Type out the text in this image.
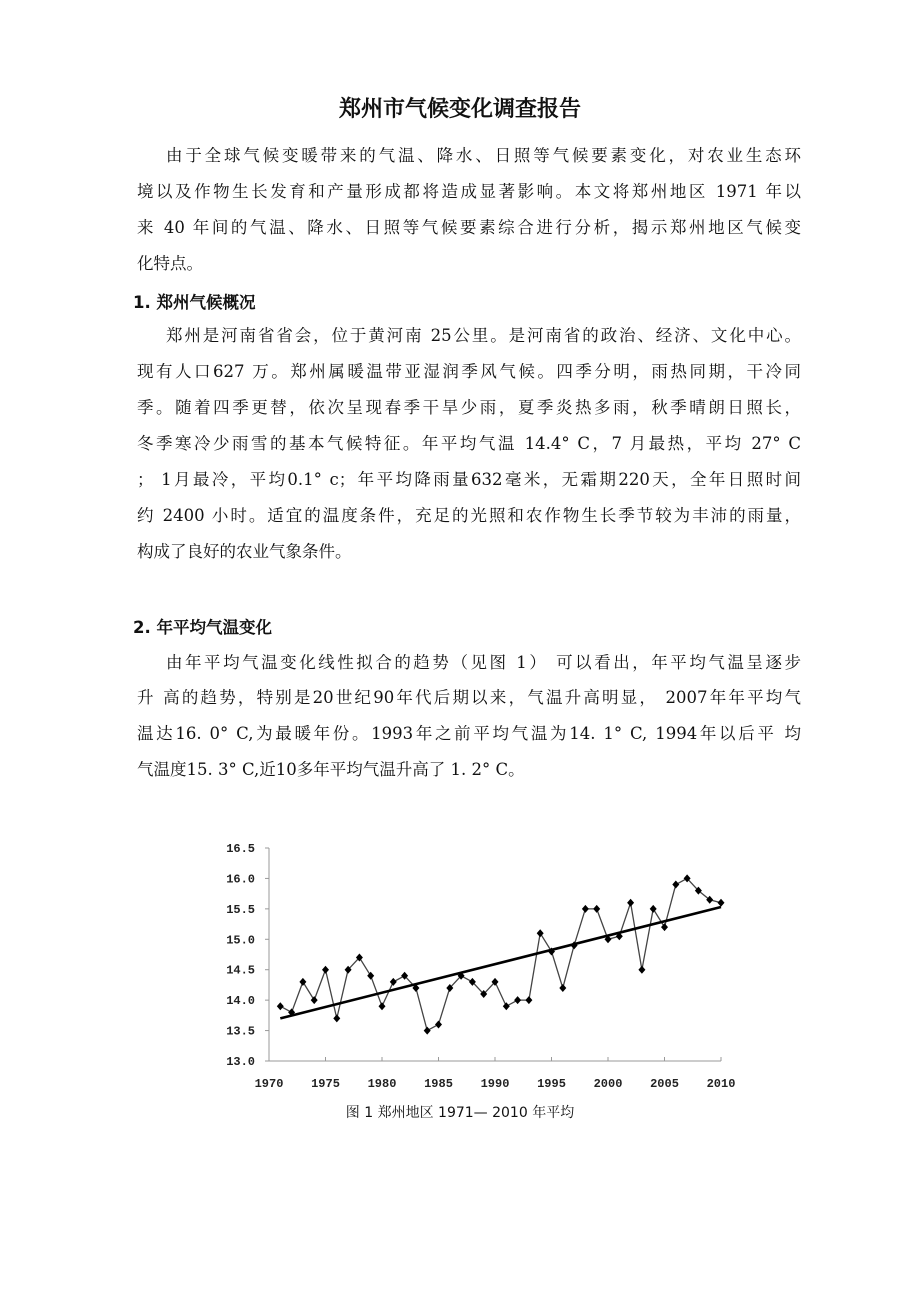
郑州市气候变化调查报告
由于全球气候变暖带来的气温、降水、日照等气候要素变化，对农业生态环
境以及作物生长发育和产量形成都将造成显著影响。本文将郑州地区 1971 年以
来 40 年间的气温、降水、日照等气候要素综合进行分析，揭示郑州地区气候变
化特点。
1. 郑州气候概况
郑州是河南省省会，位于黄河南 25公里。是河南省的政治、经济、文化中心。
现有人口627 万。郑州属暖温带亚湿润季风气候。四季分明，雨热同期，干冷同
季。随着四季更替，依次呈现春季干旱少雨，夏季炎热多雨，秋季晴朗日照长，
冬季寒冷少雨雪的基本气候特征。年平均气温 14.4° C，7 月最热，平均 27° C
； 1月最冷，平均0.1° c；年平均降雨量632毫米，无霜期220天，全年日照时间
约 2400 小时。适宜的温度条件，充足的光照和农作物生长季节较为丰沛的雨量，
构成了良好的农业气象条件。
2. 年平均气温变化
由年平均气温变化线性拟合的趋势（见图 1） 可以看出，年平均气温呈逐步
升 高的趋势，特别是20世纪90年代后期以来，气温升高明显， 2007年年平均气
温达16. 0° C,为最暖年份。1993年之前平均气温为14. 1° C, 1994年以后平 均
气温度15. 3° C,近10多年平均气温升高了 1. 2° C。
16.5
16.0
15.5
15.0
14.5
14.0
13.5
13.0
1970 1975 1980 1985 1990 1995 2000 2005 2010
图 1 郑州地区 1971— 2010 年平均
